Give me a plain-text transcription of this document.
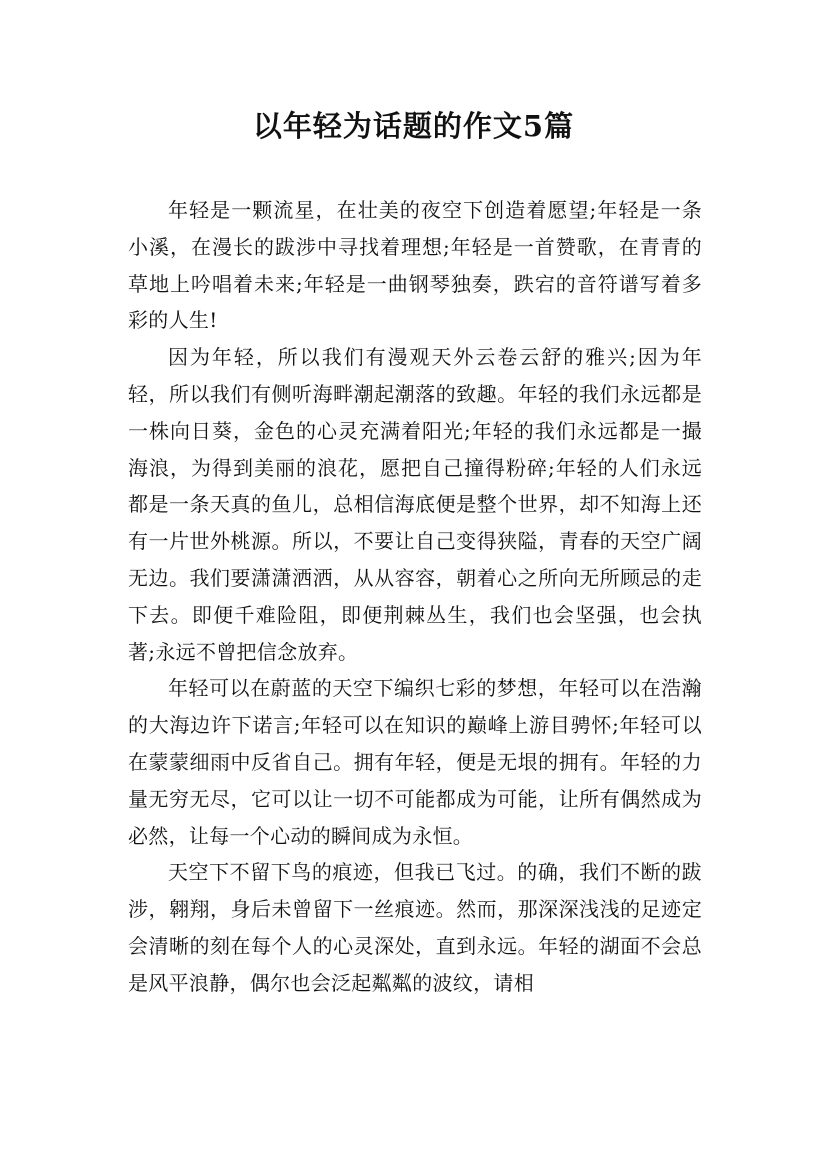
以年轻为话题的作文5篇

年轻是一颗流星，在壮美的夜空下创造着愿望;年轻是一条小溪，在漫长的跋涉中寻找着理想;年轻是一首赞歌，在青青的草地上吟唱着未来;年轻是一曲钢琴独奏，跌宕的音符谱写着多彩的人生!

因为年轻，所以我们有漫观天外云卷云舒的雅兴;因为年轻，所以我们有侧听海畔潮起潮落的致趣。年轻的我们永远都是一株向日葵，金色的心灵充满着阳光;年轻的我们永远都是一撮海浪，为得到美丽的浪花，愿把自己撞得粉碎;年轻的人们永远都是一条天真的鱼儿，总相信海底便是整个世界，却不知海上还有一片世外桃源。所以，不要让自己变得狭隘，青春的天空广阔无边。我们要潇潇洒洒，从从容容，朝着心之所向无所顾忌的走下去。即便千难险阻，即便荆棘丛生，我们也会坚强，也会执著;永远不曾把信念放弃。

年轻可以在蔚蓝的天空下编织七彩的梦想，年轻可以在浩瀚的大海边许下诺言;年轻可以在知识的巅峰上游目骋怀;年轻可以在蒙蒙细雨中反省自己。拥有年轻，便是无垠的拥有。年轻的力量无穷无尽，它可以让一切不可能都成为可能，让所有偶然成为必然，让每一个心动的瞬间成为永恒。

天空下不留下鸟的痕迹，但我已飞过。的确，我们不断的跋涉，翱翔，身后未曾留下一丝痕迹。然而，那深深浅浅的足迹定会清晰的刻在每个人的心灵深处，直到永远。年轻的湖面不会总是风平浪静，偶尔也会泛起粼粼的波纹，请相
